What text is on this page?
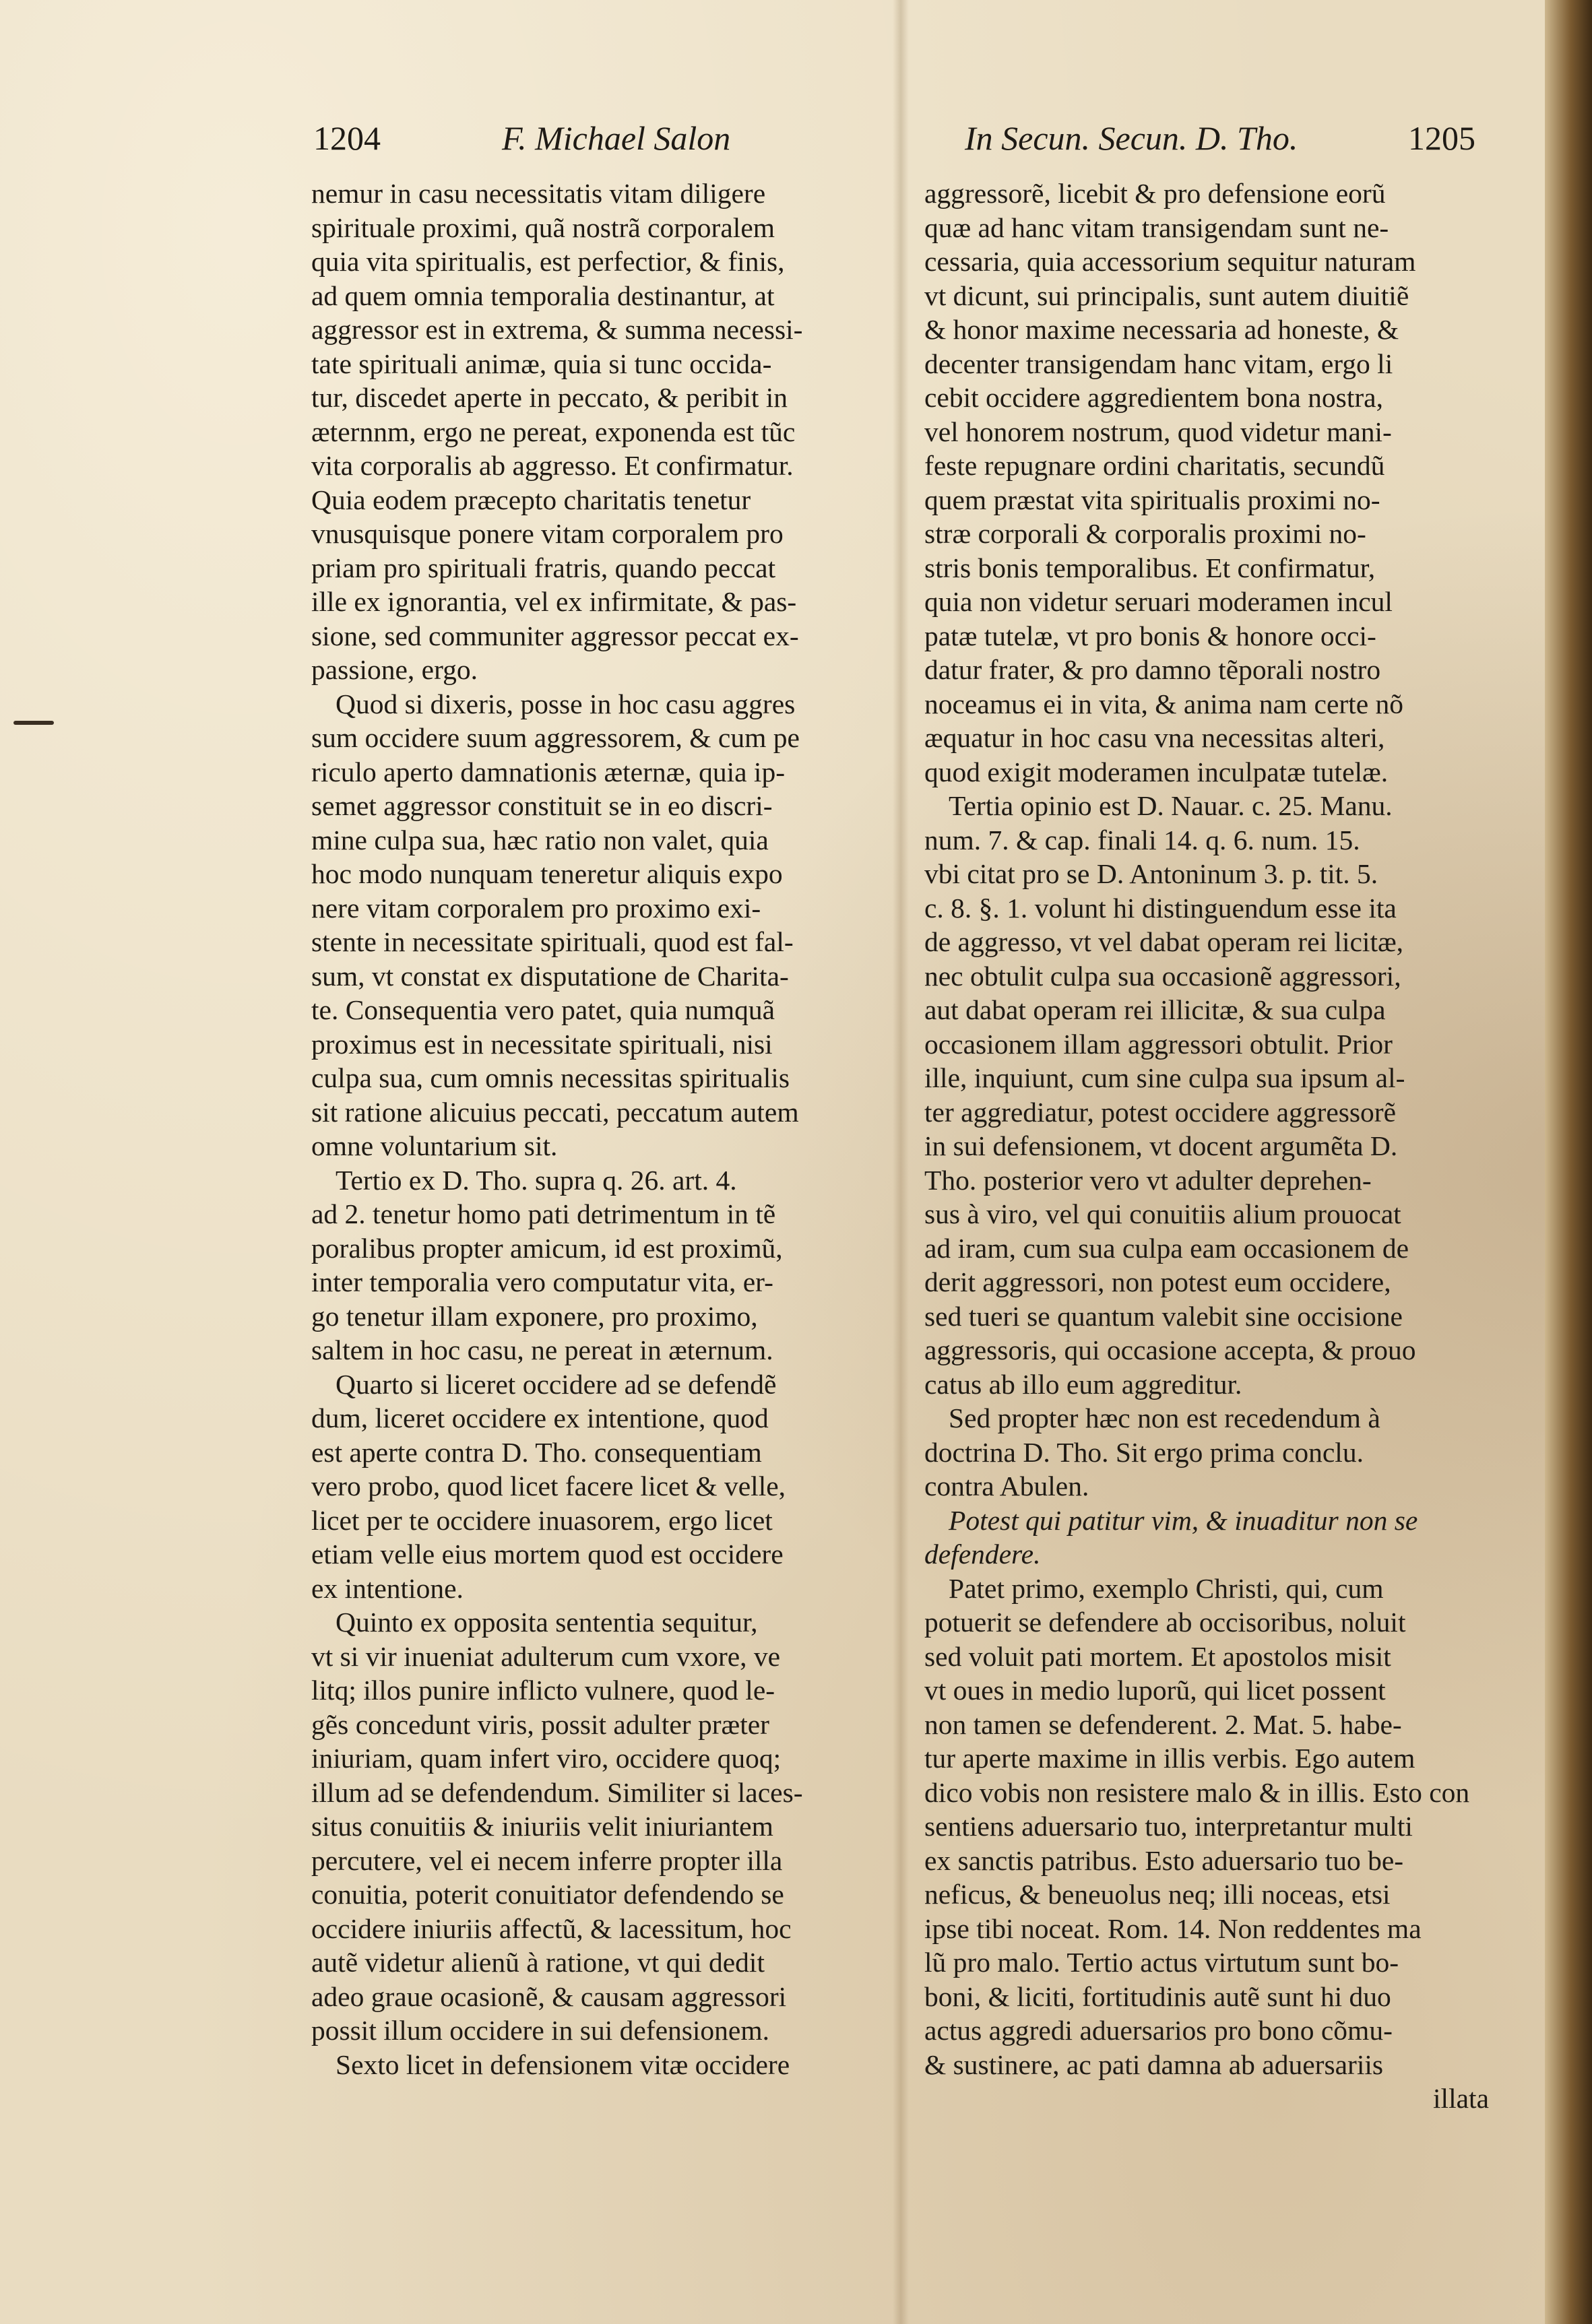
1204	F. Michael Salon	In Secun. Secun. D. Tho.	1205
nemur in casu necessitatis vitam diligere
spirituale proximi, quã nostrã corporalem
quia vita spiritualis, est perfectior, & finis,
ad quem omnia temporalia destinantur, at
aggressor est in extrema, & summa necessi-
tate spirituali animæ, quia si tunc occida-
tur, discedet aperte in peccato, & peribit in
æternnm, ergo ne pereat, exponenda est tũc
vita corporalis ab aggresso. Et confirmatur.
Quia eodem præcepto charitatis tenetur
vnusquisque ponere vitam corporalem pro
priam pro spirituali fratris, quando peccat
ille ex ignorantia, vel ex infirmitate, & pas-
sione, sed communiter aggressor peccat ex-
passione, ergo.
Quod si dixeris, posse in hoc casu aggres
sum occidere suum aggressorem, & cum pe
riculo aperto damnationis æternæ, quia ip-
semet aggressor constituit se in eo discri-
mine culpa sua, hæc ratio non valet, quia
hoc modo nunquam teneretur aliquis expo
nere vitam corporalem pro proximo exi-
stente in necessitate spirituali, quod est fal-
sum, vt constat ex disputatione de Charita-
te. Consequentia vero patet, quia numquã
proximus est in necessitate spirituali, nisi
culpa sua, cum omnis necessitas spiritualis
sit ratione alicuius peccati, peccatum autem
omne voluntarium sit.
Tertio ex D. Tho. supra q. 26. art. 4.
ad 2. tenetur homo pati detrimentum in tẽ
poralibus propter amicum, id est proximũ,
inter temporalia vero computatur vita, er-
go tenetur illam exponere, pro proximo,
saltem in hoc casu, ne pereat in æternum.
Quarto si liceret occidere ad se defendẽ
dum, liceret occidere ex intentione, quod
est aperte contra D. Tho. consequentiam
vero probo, quod licet facere licet & velle,
licet per te occidere inuasorem, ergo licet
etiam velle eius mortem quod est occidere
ex intentione.
Quinto ex opposita sententia sequitur,
vt si vir inueniat adulterum cum vxore, ve
litq; illos punire inflicto vulnere, quod le-
gẽs concedunt viris, possit adulter præter
iniuriam, quam infert viro, occidere quoq;
illum ad se defendendum. Similiter si laces-
situs conuitiis & iniuriis velit iniuriantem
percutere, vel ei necem inferre propter illa
conuitia, poterit conuitiator defendendo se
occidere iniuriis affectũ, & lacessitum, hoc
autẽ videtur alienũ à ratione, vt qui dedit
adeo graue ocasionẽ, & causam aggressori
possit illum occidere in sui defensionem.
Sexto licet in defensionem vitæ occidere
aggressorẽ, licebit & pro defensione eorũ
quæ ad hanc vitam transigendam sunt ne-
cessaria, quia accessorium sequitur naturam
vt dicunt, sui principalis, sunt autem diuitiẽ
& honor maxime necessaria ad honeste, &
decenter transigendam hanc vitam, ergo li
cebit occidere aggredientem bona nostra,
vel honorem nostrum, quod videtur mani-
feste repugnare ordini charitatis, secundũ
quem præstat vita spiritualis proximi no-
stræ corporali & corporalis proximi no-
stris bonis temporalibus. Et confirmatur,
quia non videtur seruari moderamen incul
patæ tutelæ, vt pro bonis & honore occi-
datur frater, & pro damno tẽporali nostro
noceamus ei in vita, & anima nam certe nõ
æquatur in hoc casu vna necessitas alteri,
quod exigit moderamen inculpatæ tutelæ.
Tertia opinio est D. Nauar. c. 25. Manu.
num. 7. & cap. finali 14. q. 6. num. 15.
vbi citat pro se D. Antoninum 3. p. tit. 5.
c. 8. §. 1. volunt hi distinguendum esse ita
de aggresso, vt vel dabat operam rei licitæ,
nec obtulit culpa sua occasionẽ aggressori,
aut dabat operam rei illicitæ, & sua culpa
occasionem illam aggressori obtulit. Prior
ille, inquiunt, cum sine culpa sua ipsum al-
ter aggrediatur, potest occidere aggressorẽ
in sui defensionem, vt docent argumẽta D.
Tho. posterior vero vt adulter deprehen-
sus à viro, vel qui conuitiis alium prouocat
ad iram, cum sua culpa eam occasionem de
derit aggressori, non potest eum occidere,
sed tueri se quantum valebit sine occisione
aggressoris, qui occasione accepta, & prouo
catus ab illo eum aggreditur.
Sed propter hæc non est recedendum à
doctrina D. Tho. Sit ergo prima conclu.
contra Abulen.
Potest qui patitur vim, & inuaditur non se
defendere.
Patet primo, exemplo Christi, qui, cum
potuerit se defendere ab occisoribus, noluit
sed voluit pati mortem. Et apostolos misit
vt oues in medio luporũ, qui licet possent
non tamen se defenderent. 2. Mat. 5. habe-
tur aperte maxime in illis verbis. Ego autem
dico vobis non resistere malo & in illis. Esto con
sentiens aduersario tuo, interpretantur multi
ex sanctis patribus. Esto aduersario tuo be-
neficus, & beneuolus neq; illi noceas, etsi
ipse tibi noceat. Rom. 14. Non reddentes ma
lũ pro malo. Tertio actus virtutum sunt bo-
boni, & liciti, fortitudinis autẽ sunt hi duo
actus aggredi aduersarios pro bono cõmu-
& sustinere, ac pati damna ab aduersariis
illata
